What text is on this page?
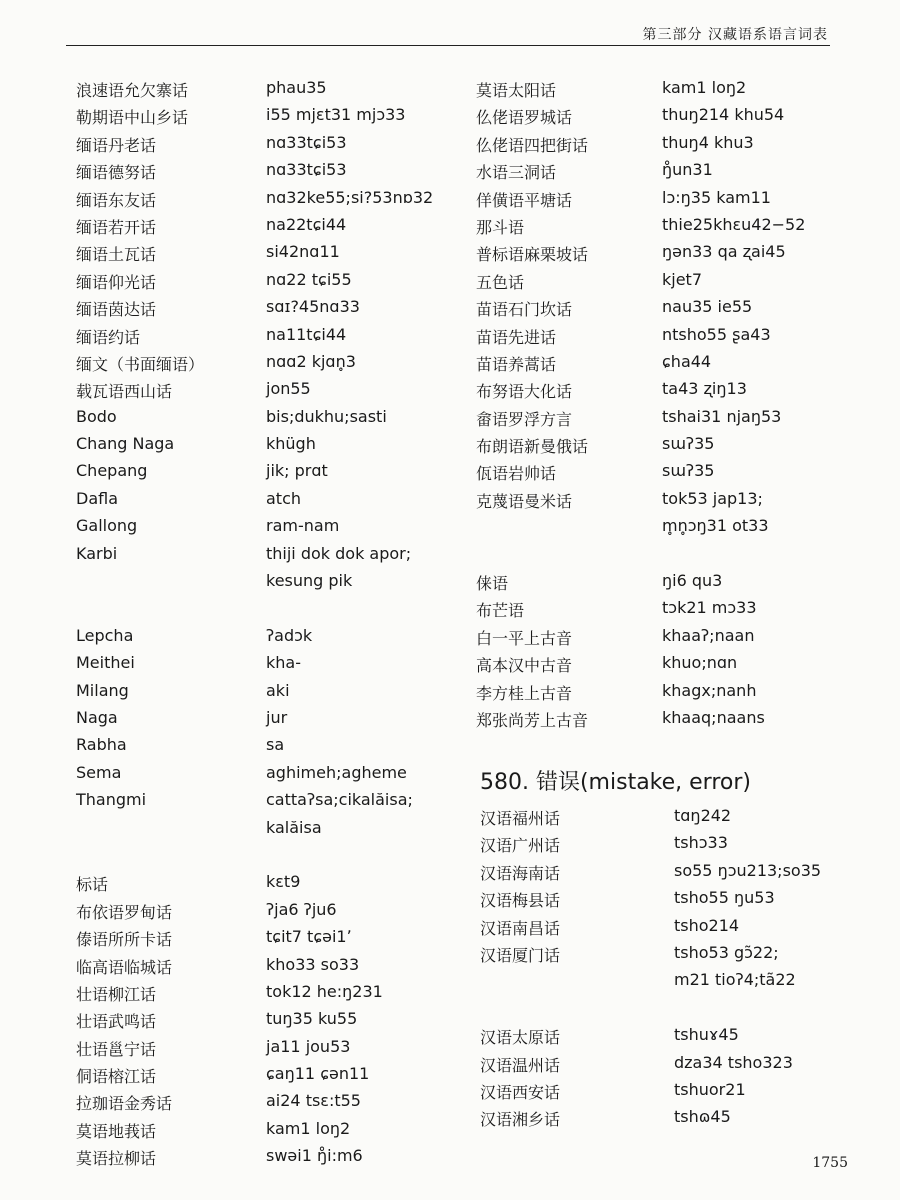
第三部分 汉藏语系语言词表
浪速语允欠寨话	phau35
勒期语中山乡话	i55 mjɛt31 mjɔ33
缅语丹老话	nɑ33tɕi53
缅语德努话	nɑ33tɕi53
缅语东友话	nɑ32ke55;si?53nɒ32
缅语若开话	na22tɕi44
缅语土瓦话	si42nɑ11
缅语仰光话	nɑ22 tɕi55
缅语茵达话	sɑɪ?45nɑ33
缅语约话	na11tɕi44
缅文（书面缅语）	nɑɑ2 kjɑn̥3
载瓦语西山话	jon55
Bodo	bis;dukhu;sasti
Chang Naga	khügh
Chepang	jik; prɑt
Dafla	atch
Gallong	ram-nam
Karbi	thiji dok dok apor;
kesung pik
Lepcha	ʔadɔk
Meithei	kha-
Milang	aki
Naga	jur
Rabha	sa
Sema	aghimeh;agheme
Thangmi	cattaʔsa;cikalăisa;
kalăisa
标话	kɛt9
布依语罗甸话	ʔja6 ʔju6
傣语所所卡话	tɕit7 tɕəi1ʼ
临高语临城话	kho33 so33
壮语柳江话	tok12 he:ŋ231
壮语武鸣话	tuŋ35 ku55
壮语邕宁话	ja11 jou53
侗语榕江话	ɕaŋ11 ɕən11
拉珈语金秀话	ai24 tsɛ:t55
莫语地莪话	kam1 loŋ2
莫语拉柳话	swəi1 ŋ̊i:m6
莫语太阳话	kam1 loŋ2
仫佬语罗城话	thuŋ214 khu54
仫佬语四把街话	thuŋ4 khu3
水语三洞话	ŋ̊un31
佯僙语平塘话	lɔ:ŋ35 kam11
那斗语	thie25khɛu42−52
普标语麻栗坡话	ŋən33 qa ʐai45
五色话	kjet7
苗语石门坎话	nau35 ie55
苗语先进话	ntsho55 ʂa43
苗语养蒿话	ɕha44
布努语大化话	ta43 ʐiŋ13
畲语罗浮方言	tshai31 njaŋ53
布朗语新曼俄话	sɯʔ35
佤语岩帅话	sɯʔ35
克蔑语曼米话	tok53 jap13;
m̥n̥ɔŋ31 ot33
俫语	ŋi6 qu3
布芒语	tɔk21 mɔ33
白一平上古音	khaaʔ;naan
高本汉中古音	khuo;nɑn
李方桂上古音	khagx;nanh
郑张尚芳上古音	khaaq;naans
580. 错误(mistake, error)
汉语福州话	tɑŋ242
汉语广州话	tshɔ33
汉语海南话	so55 ŋɔu213;so35
汉语梅县话	tsho55 ŋu53
汉语南昌话	tsho214
汉语厦门话	tsho53 gɔ̃22;
m21 tioʔ4;tã22
汉语太原话	tshuɤ45
汉语温州话	dza34 tsho323
汉语西安话	tshuor21
汉语湘乡话	tshɷ45
1755
